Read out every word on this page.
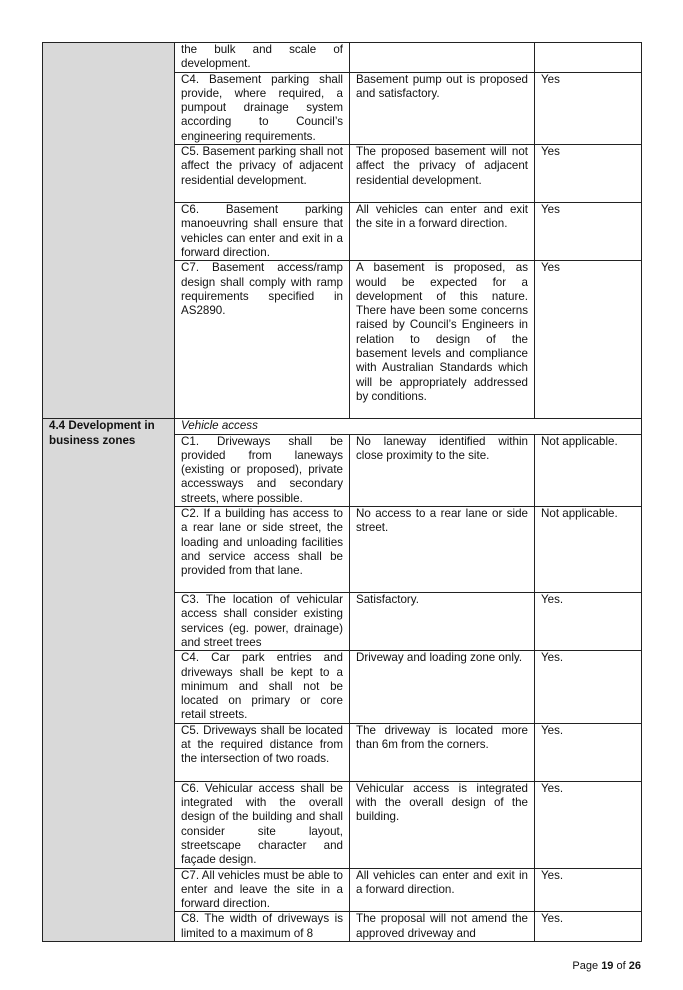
	the bulk and scale of development.		
	C4. Basement parking shall provide, where required, a pumpout drainage system according to Council’s engineering requirements.	Basement pump out is proposed and satisfactory.	Yes
	C5. Basement parking shall not affect the privacy of adjacent residential development.	The proposed basement will not affect the privacy of adjacent residential development.	Yes
	C6. Basement parking manoeuvring shall ensure that vehicles can enter and exit in a forward direction.	All vehicles can enter and exit the site in a forward direction.	Yes
	C7. Basement access/ramp design shall comply with ramp requirements specified in AS2890.	A basement is proposed, as would be expected for a development of this nature. There have been some concerns raised by Council’s Engineers in relation to design of the basement levels and compliance with Australian Standards which will be appropriately addressed by conditions.	Yes
4.4 Development in business zones	Vehicle access		
	C1. Driveways shall be provided from laneways (existing or proposed), private accessways and secondary streets, where possible.	No laneway identified within close proximity to the site.	Not applicable.
	C2. If a building has access to a rear lane or side street, the loading and unloading facilities and service access shall be provided from that lane.	No access to a rear lane or side street.	Not applicable.
	C3. The location of vehicular access shall consider existing services (eg. power, drainage) and street trees	Satisfactory.	Yes.
	C4. Car park entries and driveways shall be kept to a minimum and shall not be located on primary or core retail streets.	Driveway and loading zone only.	Yes.
	C5. Driveways shall be located at the required distance from the intersection of two roads.	The driveway is located more than 6m from the corners.	Yes.
	C6. Vehicular access shall be integrated with the overall design of the building and shall consider site layout, streetscape character and façade design.	Vehicular access is integrated with the overall design of the building.	Yes.
	C7. All vehicles must be able to enter and leave the site in a forward direction.	All vehicles can enter and exit in a forward direction.	Yes.
	C8. The width of driveways is limited to a maximum of 8	The proposal will not amend the approved driveway and	Yes.
Page 19 of 26
